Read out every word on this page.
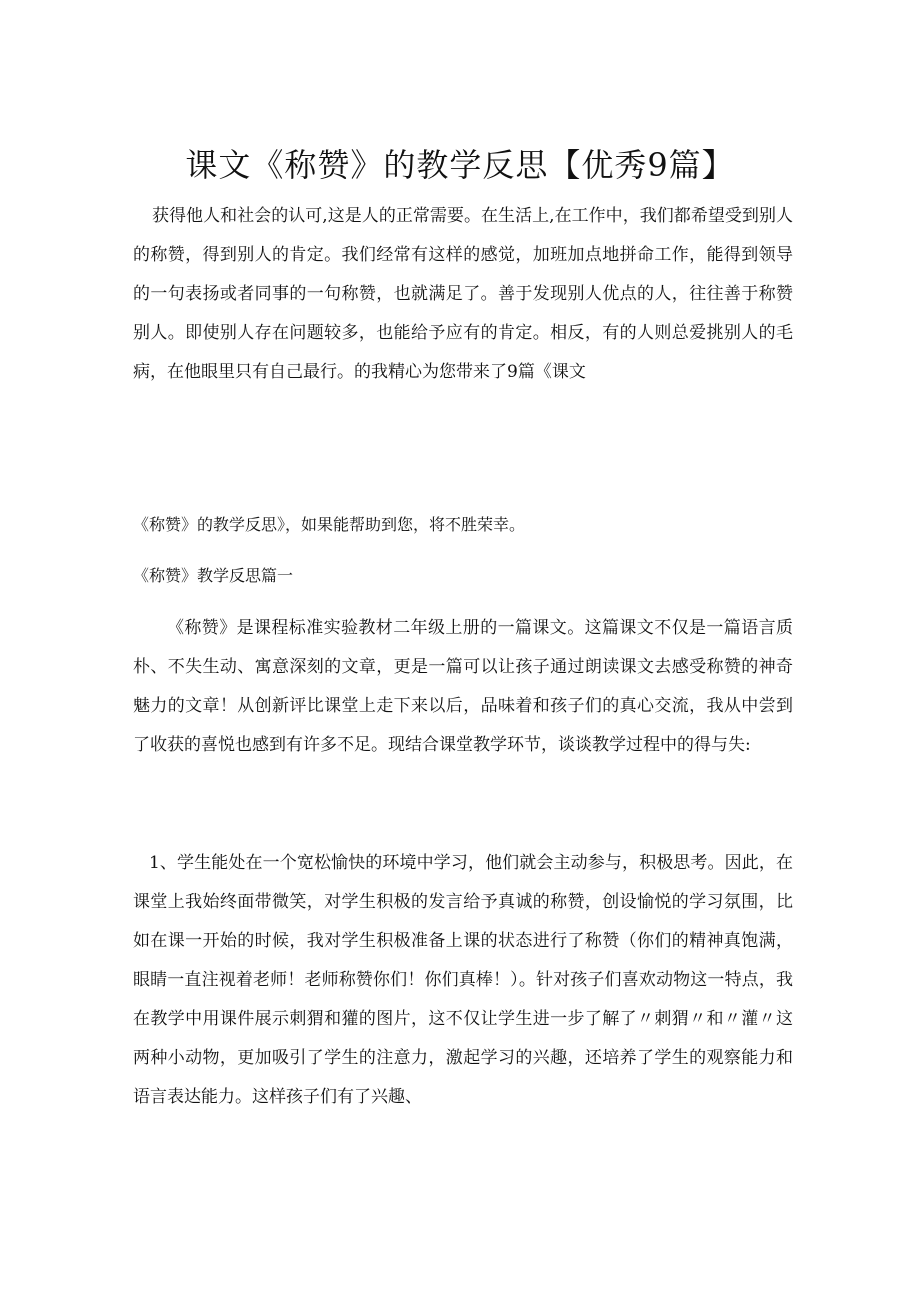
课文《称赞》的教学反思【优秀9篇】

获得他人和社会的认可,这是人的正常需要。在生活上,在工作中，我们都希望受到别人的称赞，得到别人的肯定。我们经常有这样的感觉，加班加点地拼命工作，能得到领导的一句表扬或者同事的一句称赞，也就满足了。善于发现别人优点的人，往往善于称赞别人。即使别人存在问题较多，也能给予应有的肯定。相反，有的人则总爱挑别人的毛病，在他眼里只有自己最行。的我精心为您带来了9篇《课文

《称赞》的教学反思》，如果能帮助到您，将不胜荣幸。

《称赞》教学反思篇一

《称赞》是课程标准实验教材二年级上册的一篇课文。这篇课文不仅是一篇语言质朴、不失生动、寓意深刻的文章，更是一篇可以让孩子通过朗读课文去感受称赞的神奇魅力的文章！从创新评比课堂上走下来以后，品味着和孩子们的真心交流，我从中尝到了收获的喜悦也感到有许多不足。现结合课堂教学环节，谈谈教学过程中的得与失:

1、学生能处在一个宽松愉快的环境中学习，他们就会主动参与，积极思考。因此，在课堂上我始终面带微笑，对学生积极的发言给予真诚的称赞，创设愉悦的学习氛围，比如在课一开始的时候，我对学生积极准备上课的状态进行了称赞（你们的精神真饱满，眼睛一直注视着老师！老师称赞你们！你们真棒！）。针对孩子们喜欢动物这一特点，我在教学中用课件展示刺猬和獾的图片，这不仅让学生进一步了解了〃刺猬〃和〃灌〃这两种小动物，更加吸引了学生的注意力，激起学习的兴趣，还培养了学生的观察能力和语言表达能力。这样孩子们有了兴趣、
